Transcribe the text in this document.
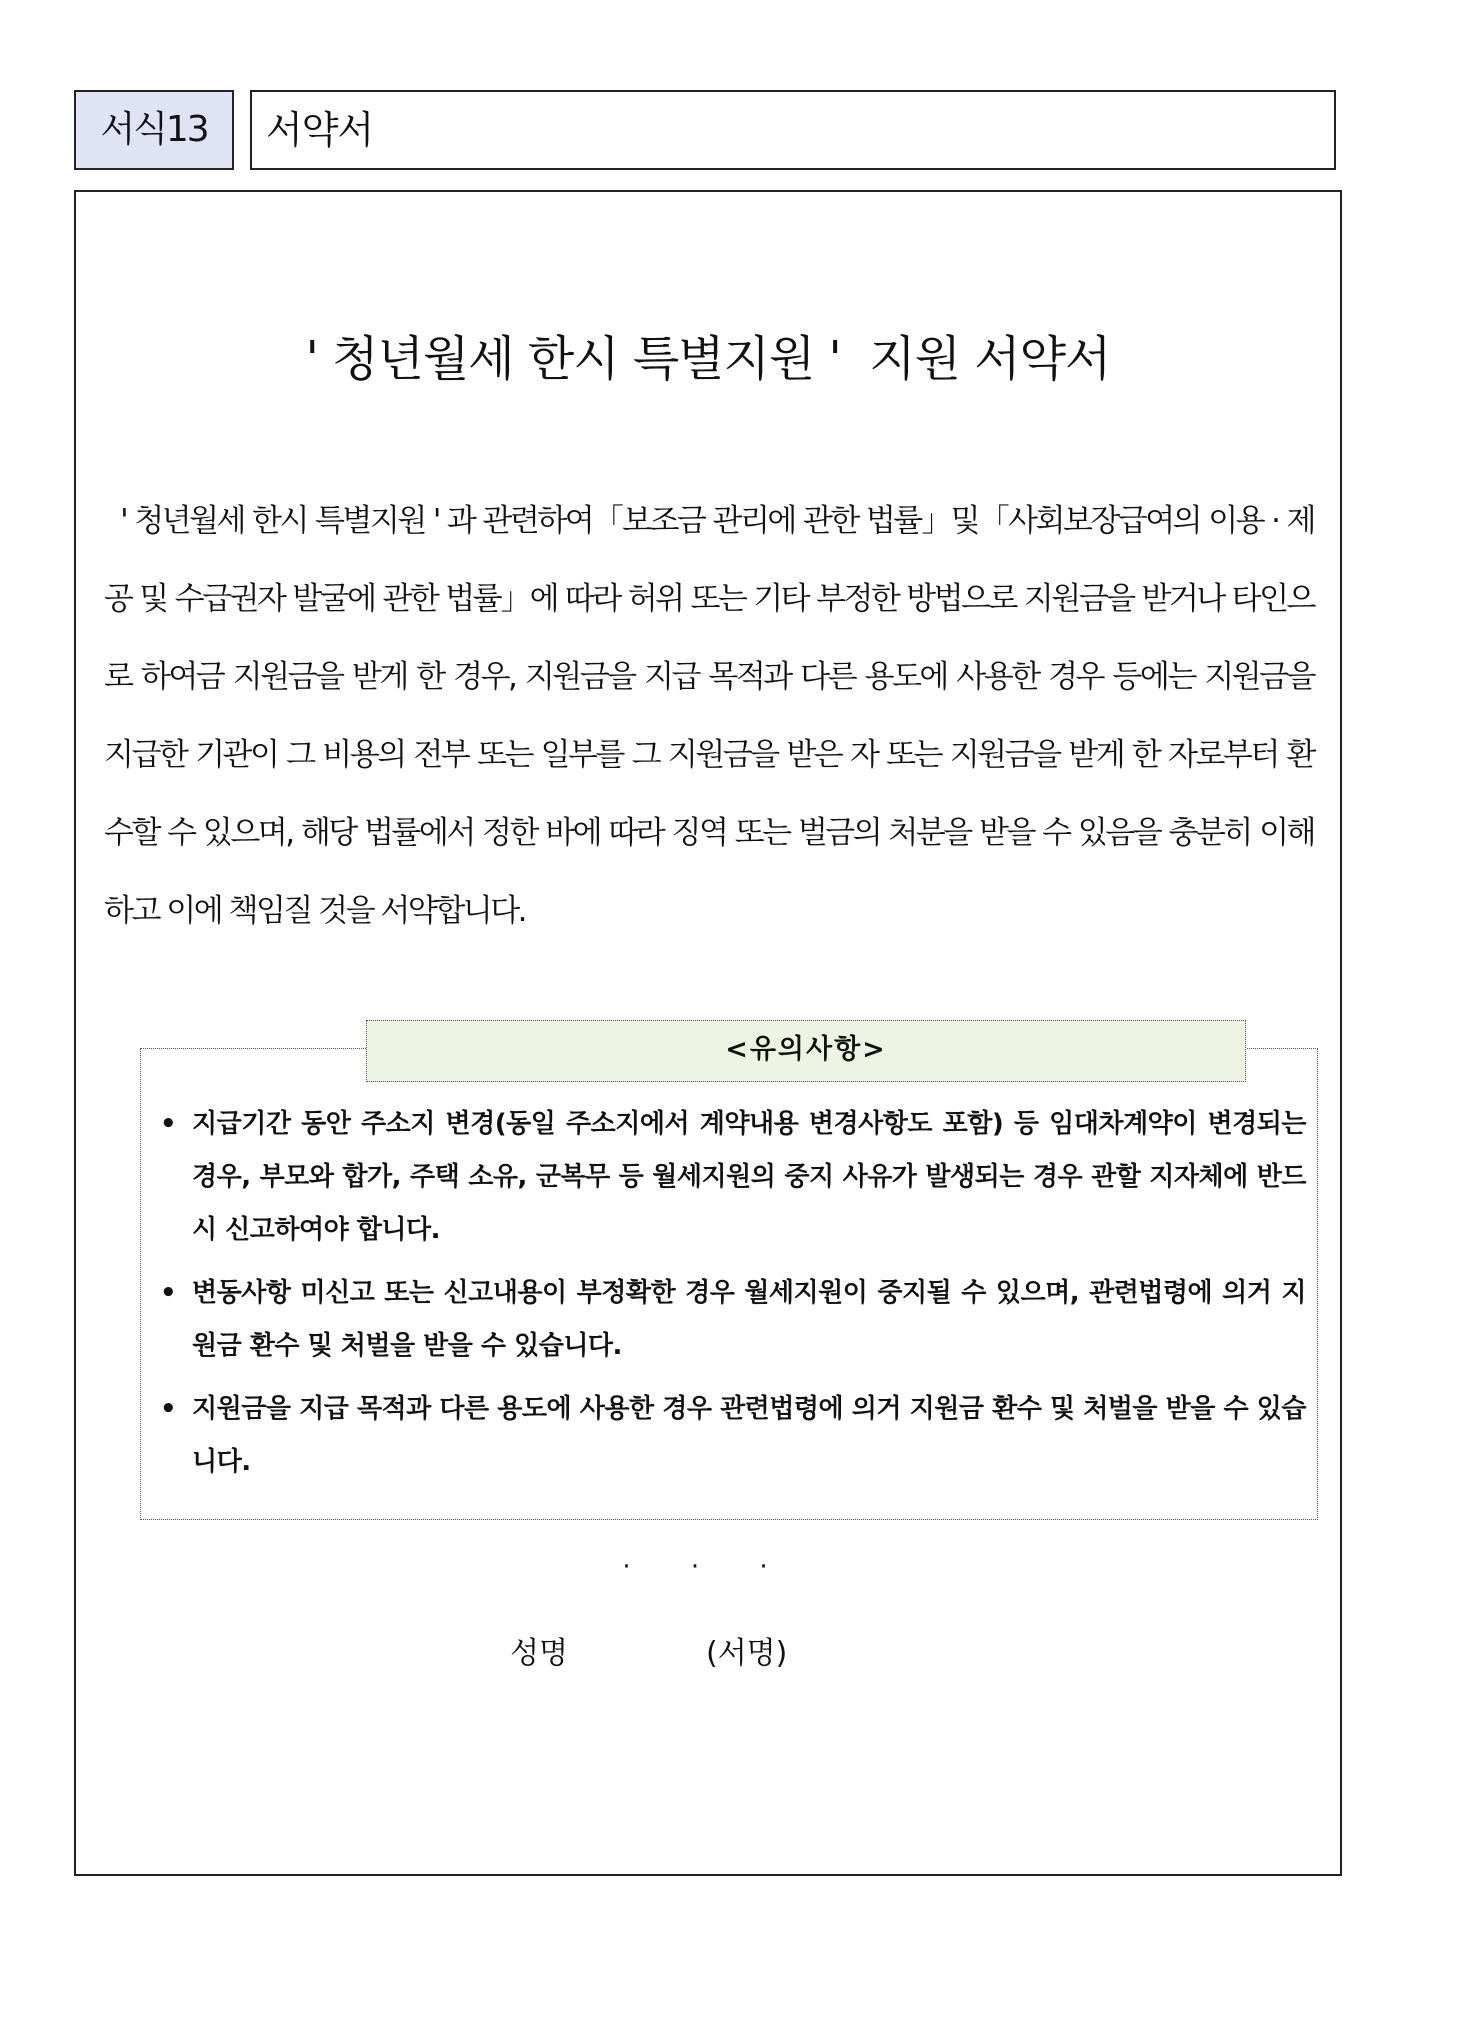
서식13	서약서
' 청년월세 한시 특별지원 '  지원 서약서
' 청년월세 한시 특별지원 ' 과 관련하여「보조금 관리에 관한 법률」및「사회보장급여의 이용 · 제공 및 수급권자 발굴에 관한 법률」에 따라 허위 또는 기타 부정한 방법으로 지원금을 받거나 타인으로 하여금 지원금을 받게 한 경우, 지원금을 지급 목적과 다른 용도에 사용한 경우 등에는 지원금을 지급한 기관이 그 비용의 전부 또는 일부를 그 지원금을 받은 자 또는 지원금을 받게 한 자로부터 환수할 수 있으며, 해당 법률에서 정한 바에 따라 징역 또는 벌금의 처분을 받을 수 있음을 충분히 이해하고 이에 책임질 것을 서약합니다.
<유의사항>
• 지급기간 동안 주소지 변경(동일 주소지에서 계약내용 변경사항도 포함) 등 임대차계약이 변경되는 경우, 부모와 합가, 주택 소유, 군복무 등 월세지원의 중지 사유가 발생되는 경우 관할 지자체에 반드시 신고하여야 합니다.
• 변동사항 미신고 또는 신고내용이 부정확한 경우 월세지원이 중지될 수 있으며, 관련법령에 의거 지원금 환수 및 처벌을 받을 수 있습니다.
• 지원금을 지급 목적과 다른 용도에 사용한 경우 관련법령에 의거 지원금 환수 및 처벌을 받을 수 있습니다.
· · ·
성명	(서명)
